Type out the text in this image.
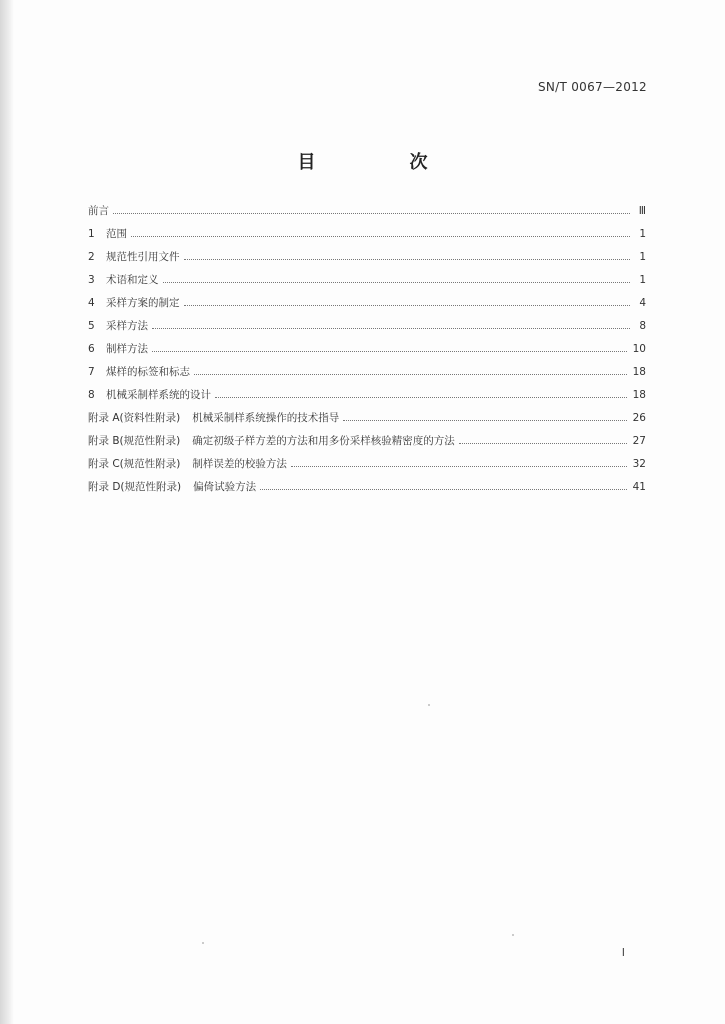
SN/T 0067—2012
目　次
前言	Ⅲ
1	范围	1
2	规范性引用文件	1
3	术语和定义	1
4	采样方案的制定	4
5	采样方法	8
6	制样方法	10
7	煤样的标签和标志	18
8	机械采制样系统的设计	18
附录 A(资料性附录) 机械采制样系统操作的技术指导	26
附录 B(规范性附录) 确定初级子样方差的方法和用多份采样核验精密度的方法	27
附录 C(规范性附录) 制样误差的校验方法	32
附录 D(规范性附录) 偏倚试验方法	41
I
